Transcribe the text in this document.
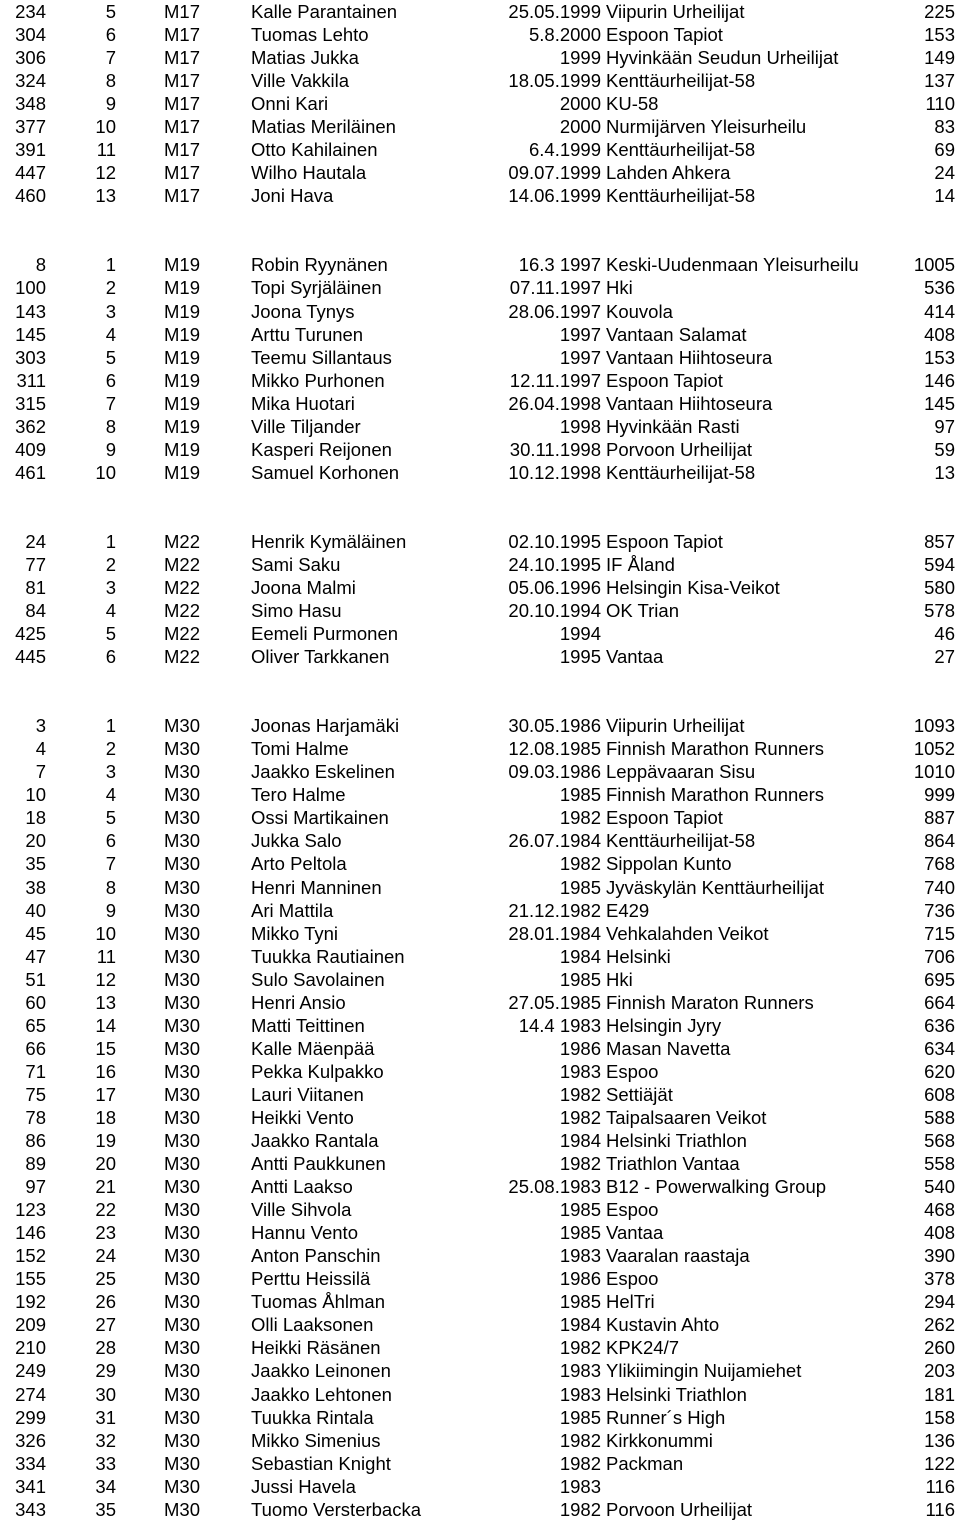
234	5	M17	Kalle Parantainen	25.05.1999 Viipurin Urheilijat	225
304	6	M17	Tuomas Lehto	5.8.2000 Espoon Tapiot	153
306	7	M17	Matias Jukka	1999 Hyvinkään Seudun Urheilijat	149
324	8	M17	Ville Vakkila	18.05.1999 Kenttäurheilijat-58	137
348	9	M17	Onni Kari	2000 KU-58	110
377	10	M17	Matias Meriläinen	2000 Nurmijärven Yleisurheilu	83
391	11	M17	Otto Kahilainen	6.4.1999 Kenttäurheilijat-58	69
447	12	M17	Wilho Hautala	09.07.1999 Lahden Ahkera	24
460	13	M17	Joni Hava	14.06.1999 Kenttäurheilijat-58	14
8	1	M19	Robin Ryynänen	16.3 1997 Keski-Uudenmaan Yleisurheilu	1005
100	2	M19	Topi Syrjäläinen	07.11.1997 Hki	536
143	3	M19	Joona Tynys	28.06.1997 Kouvola	414
145	4	M19	Arttu Turunen	1997 Vantaan Salamat	408
303	5	M19	Teemu Sillantaus	1997 Vantaan Hiihtoseura	153
311	6	M19	Mikko Purhonen	12.11.1997 Espoon Tapiot	146
315	7	M19	Mika Huotari	26.04.1998 Vantaan Hiihtoseura	145
362	8	M19	Ville Tiljander	1998 Hyvinkään Rasti	97
409	9	M19	Kasperi Reijonen	30.11.1998 Porvoon Urheilijat	59
461	10	M19	Samuel Korhonen	10.12.1998 Kenttäurheilijat-58	13
24	1	M22	Henrik Kymäläinen	02.10.1995 Espoon Tapiot	857
77	2	M22	Sami Saku	24.10.1995 IF Åland	594
81	3	M22	Joona Malmi	05.06.1996 Helsingin Kisa-Veikot	580
84	4	M22	Simo Hasu	20.10.1994 OK Trian	578
425	5	M22	Eemeli Purmonen	1994	46
445	6	M22	Oliver Tarkkanen	1995 Vantaa	27
3	1	M30	Joonas Harjamäki	30.05.1986 Viipurin Urheilijat	1093
4	2	M30	Tomi Halme	12.08.1985 Finnish Marathon Runners	1052
7	3	M30	Jaakko Eskelinen	09.03.1986 Leppävaaran Sisu	1010
10	4	M30	Tero Halme	1985 Finnish Marathon Runners	999
18	5	M30	Ossi Martikainen	1982 Espoon Tapiot	887
20	6	M30	Jukka Salo	26.07.1984 Kenttäurheilijat-58	864
35	7	M30	Arto Peltola	1982 Sippolan Kunto	768
38	8	M30	Henri Manninen	1985 Jyväskylän Kenttäurheilijat	740
40	9	M30	Ari Mattila	21.12.1982 E429	736
45	10	M30	Mikko Tyni	28.01.1984 Vehkalahden Veikot	715
47	11	M30	Tuukka Rautiainen	1984 Helsinki	706
51	12	M30	Sulo Savolainen	1985 Hki	695
60	13	M30	Henri Ansio	27.05.1985 Finnish Maraton Runners	664
65	14	M30	Matti Teittinen	14.4 1983 Helsingin Jyry	636
66	15	M30	Kalle Mäenpää	1986 Masan Navetta	634
71	16	M30	Pekka Kulpakko	1983 Espoo	620
75	17	M30	Lauri Viitanen	1982 Settiäjät	608
78	18	M30	Heikki Vento	1982 Taipalsaaren Veikot	588
86	19	M30	Jaakko Rantala	1984 Helsinki Triathlon	568
89	20	M30	Antti Paukkunen	1982 Triathlon Vantaa	558
97	21	M30	Antti Laakso	25.08.1983 B12 - Powerwalking Group	540
123	22	M30	Ville Sihvola	1985 Espoo	468
146	23	M30	Hannu Vento	1985 Vantaa	408
152	24	M30	Anton Panschin	1983 Vaaralan raastaja	390
155	25	M30	Perttu Heissilä	1986 Espoo	378
192	26	M30	Tuomas Åhlman	1985 HelTri	294
209	27	M30	Olli Laaksonen	1984 Kustavin Ahto	262
210	28	M30	Heikki Räsänen	1982 KPK24/7	260
249	29	M30	Jaakko Leinonen	1983 Ylikiimingin Nuijamiehet	203
274	30	M30	Jaakko Lehtonen	1983 Helsinki Triathlon	181
299	31	M30	Tuukka Rintala	1985 Runner´s High	158
326	32	M30	Mikko Simenius	1982 Kirkkonummi	136
334	33	M30	Sebastian Knight	1982 Packman	122
341	34	M30	Jussi Havela	1983	116
343	35	M30	Tuomo Versterbacka	1982 Porvoon Urheilijat	116
